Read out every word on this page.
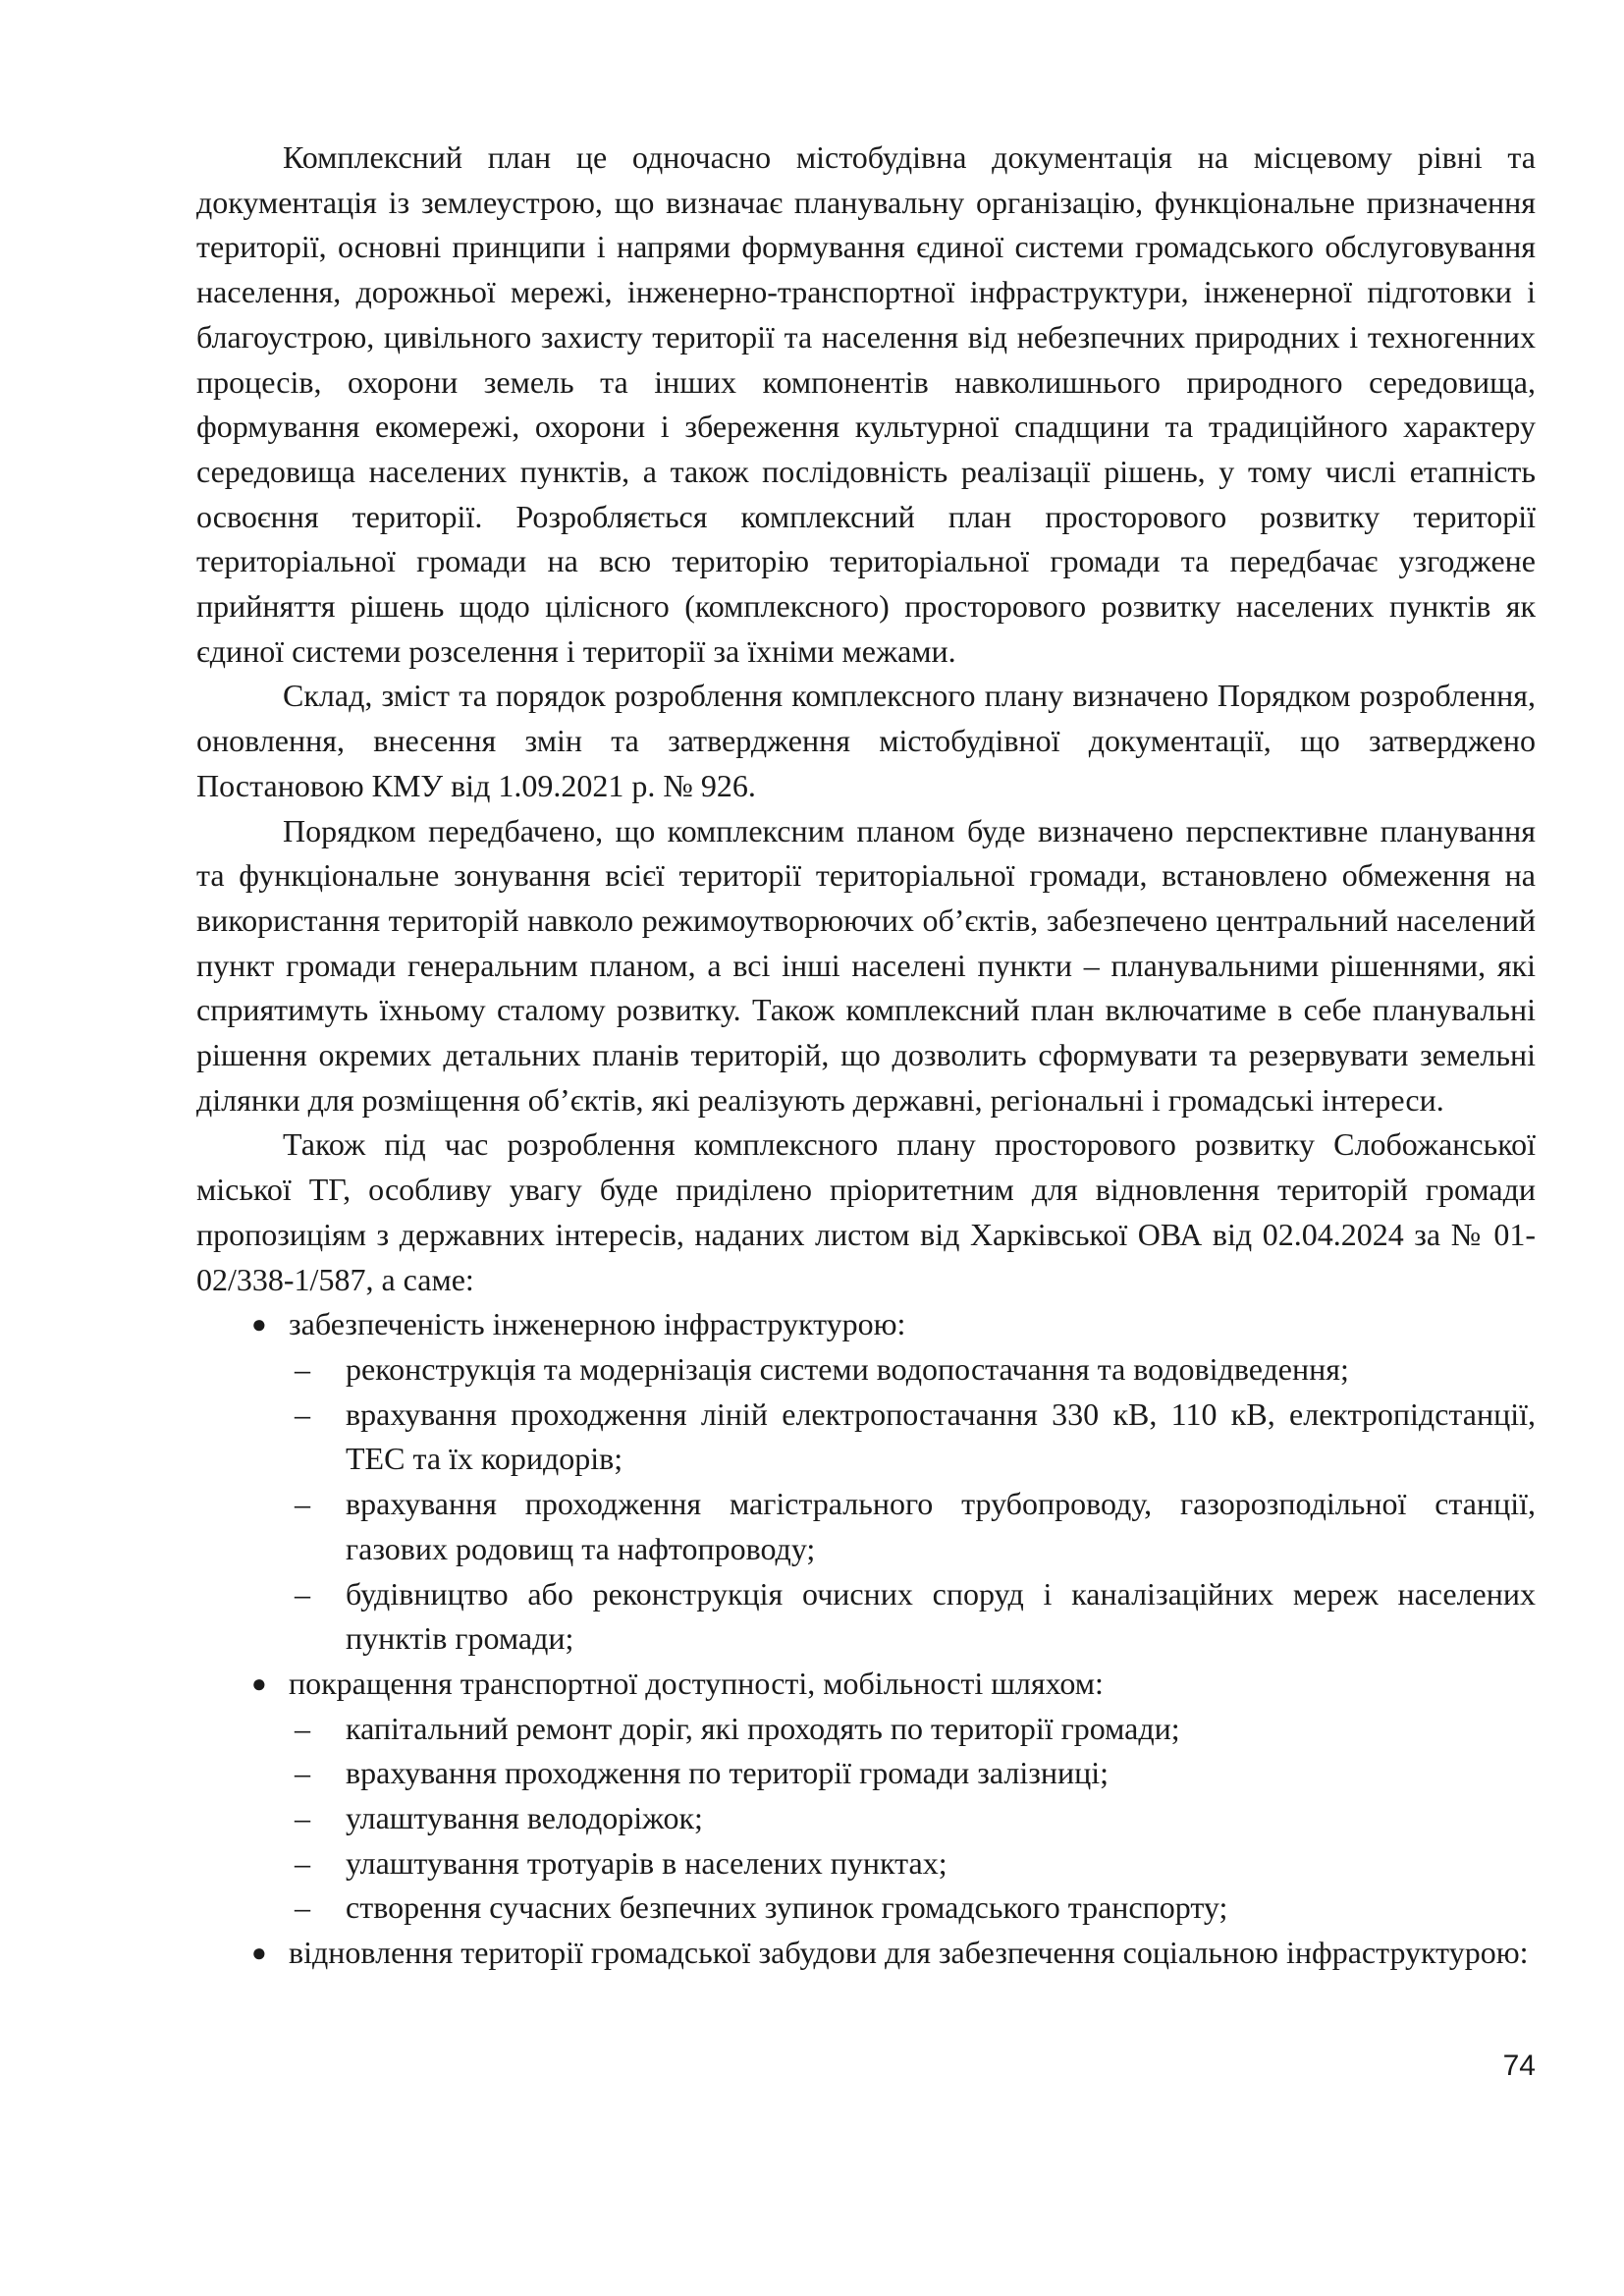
Комплексний план це одночасно містобудівна документація на місцевому рівні та документація із землеустрою, що визначає планувальну організацію, функціональне призначення території, основні принципи і напрями формування єдиної системи громадського обслуговування населення, дорожньої мережі, інженерно-транспортної інфраструктури, інженерної підготовки і благоустрою, цивільного захисту території та населення від небезпечних природних і техногенних процесів, охорони земель та інших компонентів навколишнього природного середовища, формування екомережі, охорони і збереження культурної спадщини та традиційного характеру середовища населених пунктів, а також послідовність реалізації рішень, у тому числі етапність освоєння території. Розробляється комплексний план просторового розвитку території територіальної громади на всю територію територіальної громади та передбачає узгоджене прийняття рішень щодо цілісного (комплексного) просторового розвитку населених пунктів як єдиної системи розселення і території за їхніми межами.

Склад, зміст та порядок розроблення комплексного плану визначено Порядком розроблення, оновлення, внесення змін та затвердження містобудівної документації, що затверджено Постановою КМУ від 1.09.2021 р. № 926.

Порядком передбачено, що комплексним планом буде визначено перспективне планування та функціональне зонування всієї території територіальної громади, встановлено обмеження на використання територій навколо режимоутворюючих об’єктів, забезпечено центральний населений пункт громади генеральним планом, а всі інші населені пункти – планувальними рішеннями, які сприятимуть їхньому сталому розвитку. Також комплексний план включатиме в себе планувальні рішення окремих детальних планів територій, що дозволить сформувати та резервувати земельні ділянки для розміщення об’єктів, які реалізують державні, регіональні і громадські інтереси.

Також під час розроблення комплексного плану просторового розвитку Слобожанської міської ТГ, особливу увагу буде приділено пріоритетним для відновлення територій громади пропозиціям з державних інтересів, наданих листом від Харківської ОВА від 02.04.2024 за № 01-02/338-1/587, а саме:

● забезпеченість інженерною інфраструктурою:
– реконструкція та модернізація системи водопостачання та водовідведення;
– врахування проходження ліній електропостачання 330 кВ, 110 кВ, електропідстанції, ТЕС та їх коридорів;
– врахування проходження магістрального трубопроводу, газорозподільної станції, газових родовищ та нафтопроводу;
– будівництво або реконструкція очисних споруд і каналізаційних мереж населених пунктів громади;
● покращення транспортної доступності, мобільності шляхом:
– капітальний ремонт доріг, які проходять по території громади;
– врахування проходження по території громади залізниці;
– улаштування велодоріжок;
– улаштування тротуарів в населених пунктах;
– створення сучасних безпечних зупинок громадського транспорту;
● відновлення території громадської забудови для забезпечення соціальною інфраструктурою:
74
